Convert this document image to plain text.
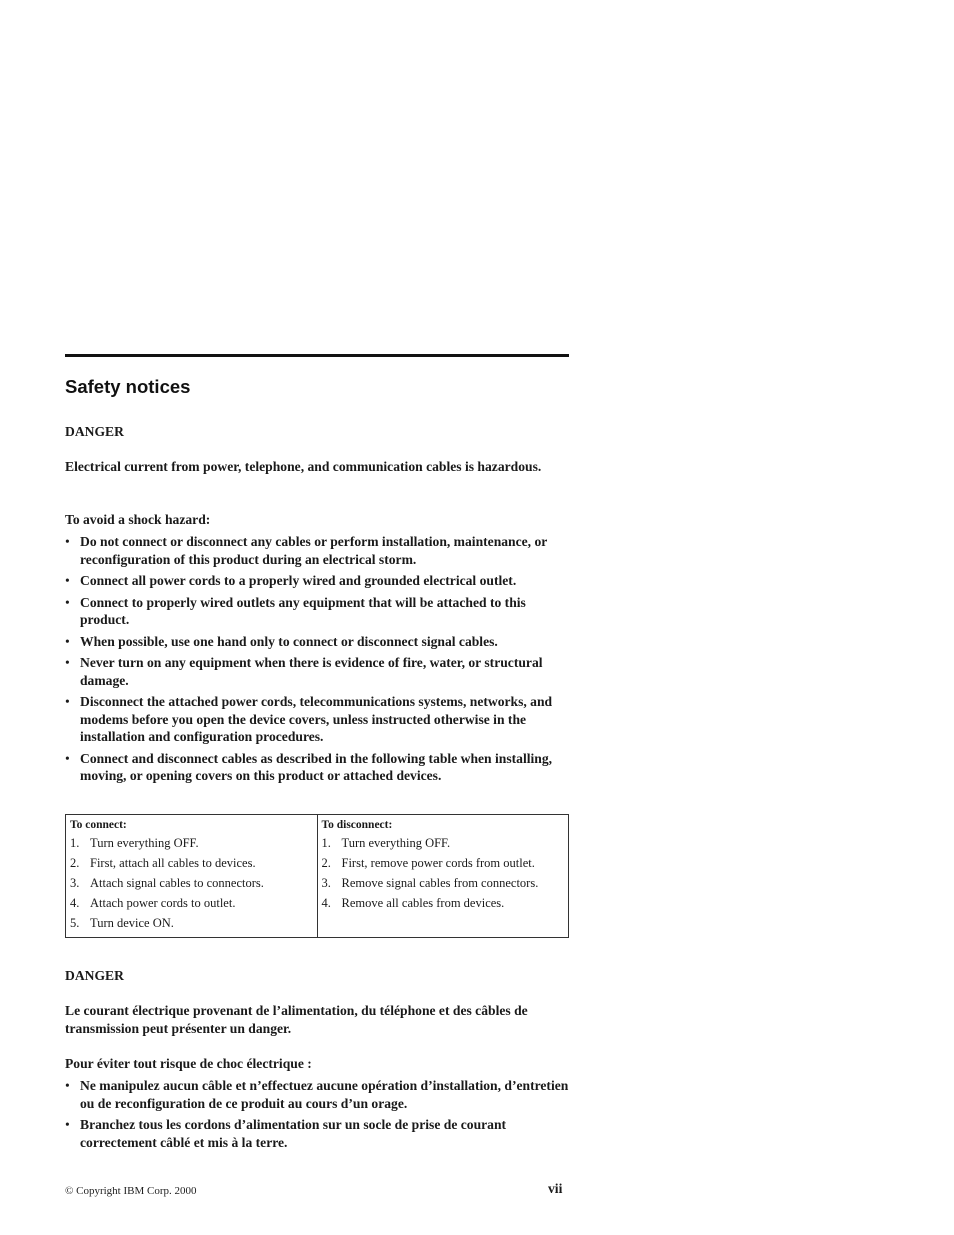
Safety notices

DANGER

Electrical current from power, telephone, and communication cables is hazardous.

To avoid a shock hazard:

• Do not connect or disconnect any cables or perform installation, maintenance, or reconfiguration of this product during an electrical storm.
• Connect all power cords to a properly wired and grounded electrical outlet.
• Connect to properly wired outlets any equipment that will be attached to this product.
• When possible, use one hand only to connect or disconnect signal cables.
• Never turn on any equipment when there is evidence of fire, water, or structural damage.
• Disconnect the attached power cords, telecommunications systems, networks, and modems before you open the device covers, unless instructed otherwise in the installation and configuration procedures.
• Connect and disconnect cables as described in the following table when installing, moving, or opening covers on this product or attached devices.
To connect:
1. Turn everything OFF.
2. First, attach all cables to devices.
3. Attach signal cables to connectors.
4. Attach power cords to outlet.
5. Turn device ON.

To disconnect:
1. Turn everything OFF.
2. First, remove power cords from outlet.
3. Remove signal cables from connectors.
4. Remove all cables from devices.

DANGER

Le courant électrique provenant de l’alimentation, du téléphone et des câbles de transmission peut présenter un danger.

Pour éviter tout risque de choc électrique :

• Ne manipulez aucun câble et n’effectuez aucune opération d’installation, d’entretien ou de reconfiguration de ce produit au cours d’un orage.
• Branchez tous les cordons d’alimentation sur un socle de prise de courant correctement câblé et mis à la terre.
© Copyright IBM Corp. 2000	vii
